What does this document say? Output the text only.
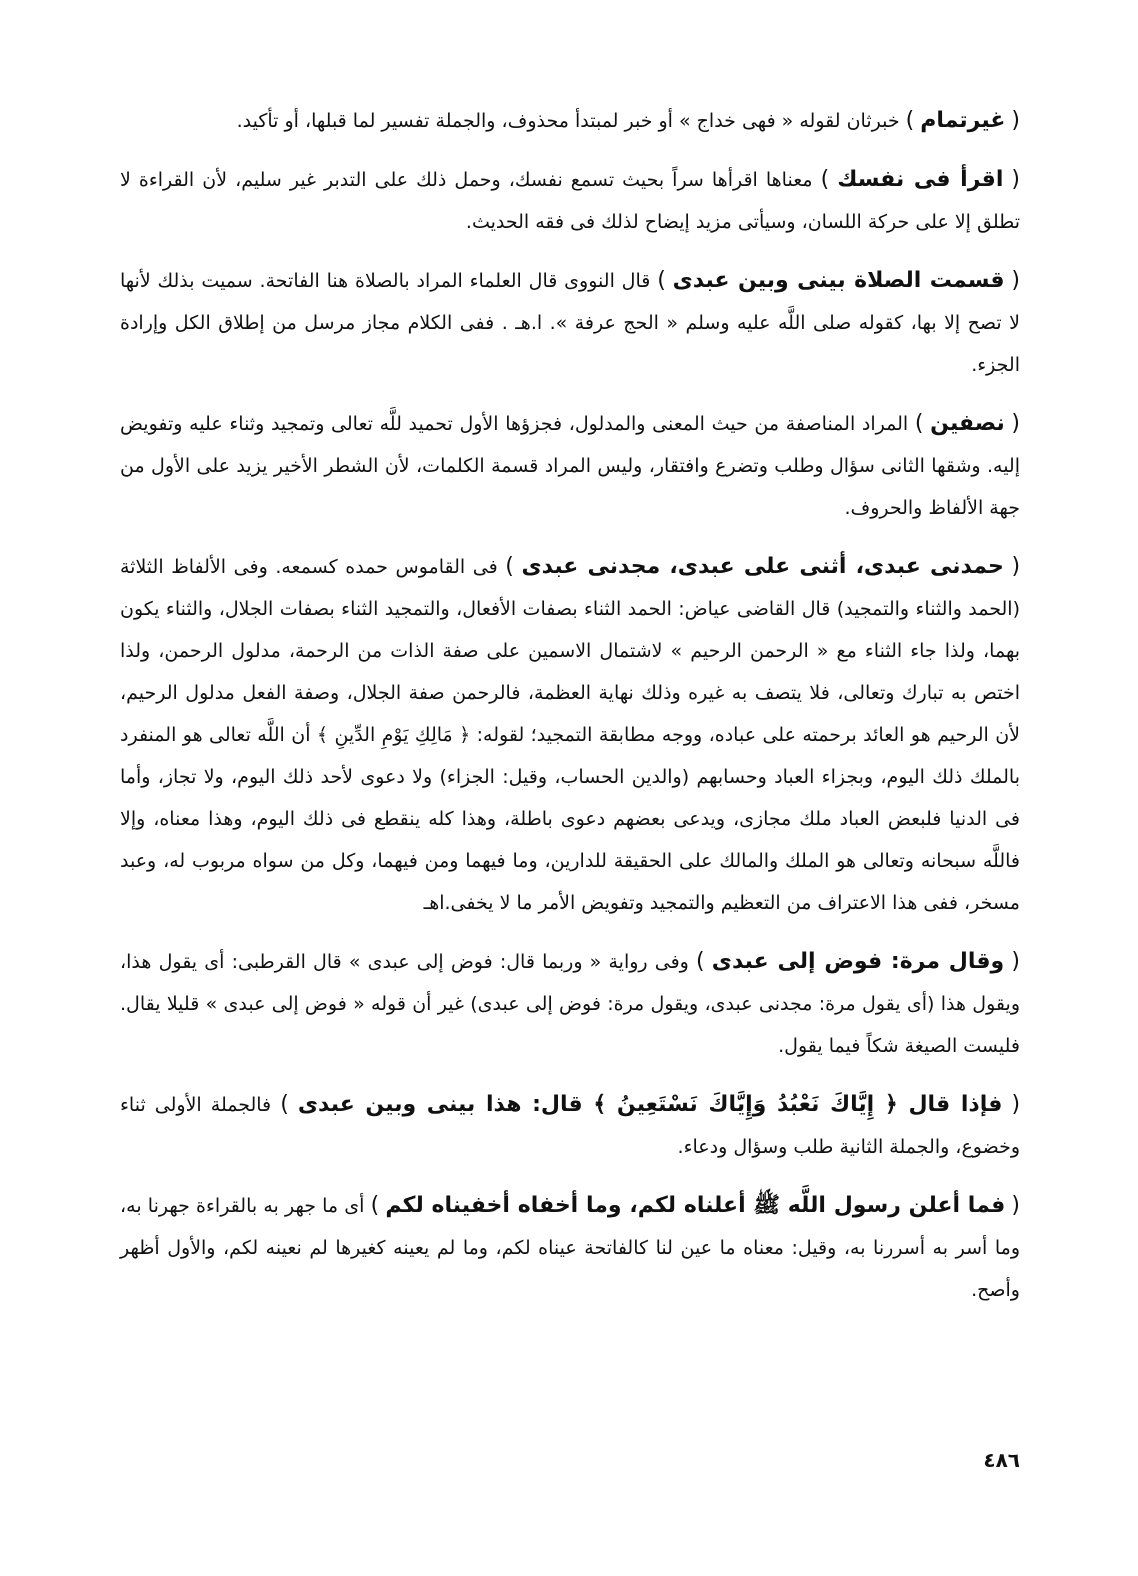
( غيرتمام ) خبرثان لقوله « فهى خداج » أو خبر لمبتدأ محذوف، والجملة تفسير لما قبلها، أو تأكيد.

( اقرأ فى نفسك ) معناها اقرأها سراً بحيث تسمع نفسك، وحمل ذلك على التدبر غير سليم، لأن القراءة لا تطلق إلا على حركة اللسان، وسيأتى مزيد إيضاح لذلك فى فقه الحديث.

( قسمت الصلاة بينى وبين عبدى ) قال النووى قال العلماء المراد بالصلاة هنا الفاتحة. سميت بذلك لأنها لا تصح إلا بها، كقوله صلى اللَّه عليه وسلم « الحج عرفة ». ا.هـ . ففى الكلام مجاز مرسل من إطلاق الكل وإرادة الجزء.

( نصفين ) المراد المناصفة من حيث المعنى والمدلول، فجزؤها الأول تحميد للَّه تعالى وتمجيد وثناء عليه وتفويض إليه. وشقها الثانى سؤال وطلب وتضرع وافتقار، وليس المراد قسمة الكلمات، لأن الشطر الأخير يزيد على الأول من جهة الألفاظ والحروف.

( حمدنى عبدى، أثنى على عبدى، مجدنى عبدى ) فى القاموس حمده كسمعه. وفى الألفاظ الثلاثة (الحمد والثناء والتمجيد) قال القاضى عياض: الحمد الثناء بصفات الأفعال، والتمجيد الثناء بصفات الجلال، والثناء يكون بهما، ولذا جاء الثناء مع « الرحمن الرحيم » لاشتمال الاسمين على صفة الذات من الرحمة، مدلول الرحمن، ولذا اختص به تبارك وتعالى، فلا يتصف به غيره وذلك نهاية العظمة، فالرحمن صفة الجلال، وصفة الفعل مدلول الرحيم، لأن الرحيم هو العائد برحمته على عباده، ووجه مطابقة التمجيد؛ لقوله: ﴿ مَالِكِ يَوْمِ الدِّينِ ﴾ أن اللَّه تعالى هو المنفرد بالملك ذلك اليوم، وبجزاء العباد وحسابهم (والدين الحساب، وقيل: الجزاء) ولا دعوى لأحد ذلك اليوم، ولا تجاز، وأما فى الدنيا فلبعض العباد ملك مجازى، ويدعى بعضهم دعوى باطلة، وهذا كله ينقطع فى ذلك اليوم، وهذا معناه، وإلا فاللَّه سبحانه وتعالى هو الملك والمالك على الحقيقة للدارين، وما فيهما ومن فيهما، وكل من سواه مربوب له، وعبد مسخر، ففى هذا الاعتراف من التعظيم والتمجيد وتفويض الأمر ما لا يخفى.اهـ

( وقال مرة: فوض إلى عبدى ) وفى رواية « وربما قال: فوض إلى عبدى » قال القرطبى: أى يقول هذا، ويقول هذا (أى يقول مرة: مجدنى عبدى، ويقول مرة: فوض إلى عبدى) غير أن قوله « فوض إلى عبدى » قليلا يقال. فليست الصيغة شكاً فيما يقول.

( فإذا قال ﴿ إِيَّاكَ نَعْبُدُ وَإِيَّاكَ نَسْتَعِينُ ﴾ قال: هذا بينى وبين عبدى ) فالجملة الأولى ثناء وخضوع، والجملة الثانية طلب وسؤال ودعاء.

( فما أعلن رسول اللَّه ﷺ أعلناه لكم، وما أخفاه أخفيناه لكم ) أى ما جهر به بالقراءة جهرنا به، وما أسر به أسررنا به، وقيل: معناه ما عين لنا كالفاتحة عيناه لكم، وما لم يعينه كغيرها لم نعينه لكم، والأول أظهر وأصح.

٤٨٦
